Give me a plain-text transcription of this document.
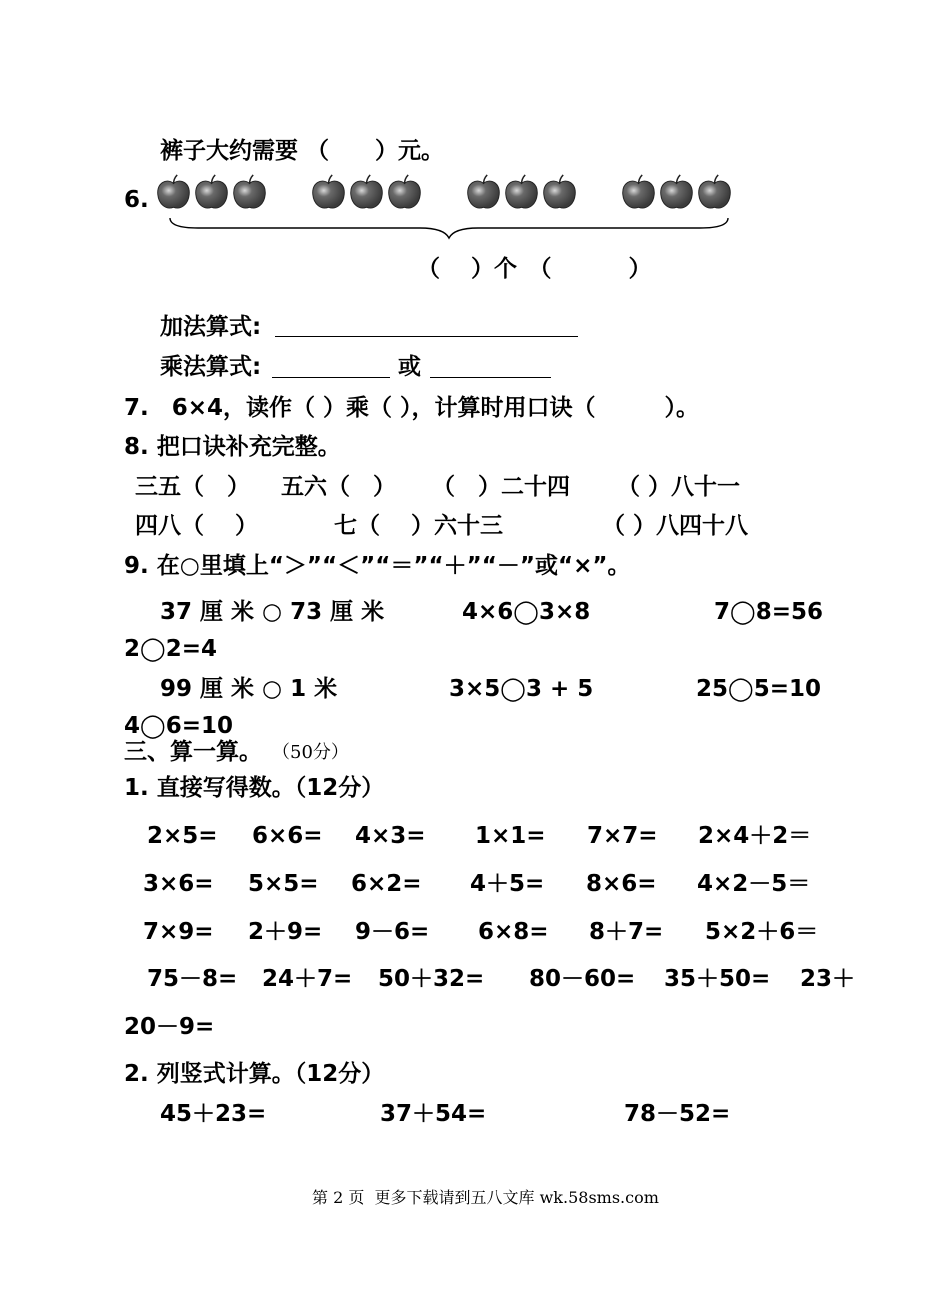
裤子大约需要 （　　）元。
6.
（　 ）个　（　　　 ）
加法算式:
乘法算式:	或
7.　6×4，读作（ ）乘（ ），计算时用口诀（　　　）。
8. 把口诀补充完整。
三五（　） 五六（　） （　）二十四 （ ）八十一
四八（　 ）	七（　 ）六十三	（ ）八四十八
9. 在○里填上“＞”“＜”“＝”“＋”“－”或“×”。
37 厘 米 ○ 73 厘 米	4×6◯3×8	7◯8=56
2◯2=4
99 厘 米 ○ 1 米	3×5◯3 + 5	25◯5=10
4◯6=10
三、算一算。 （50分）
1. 直接写得数。（12分）
2×5= 6×6= 4×3= 1×1= 7×7= 2×4＋2＝
3×6= 5×5= 6×2= 4＋5= 8×6= 4×2－5＝
7×9= 2＋9= 9－6= 6×8= 8＋7= 5×2＋6＝
75－8= 24＋7= 50＋32= 80－60= 35＋50= 23＋
20－9=
2. 列竖式计算。（12分）
45＋23=	37＋54=	78－52=
第 2 页  更多下载请到五八文库 wk.58sms.com
